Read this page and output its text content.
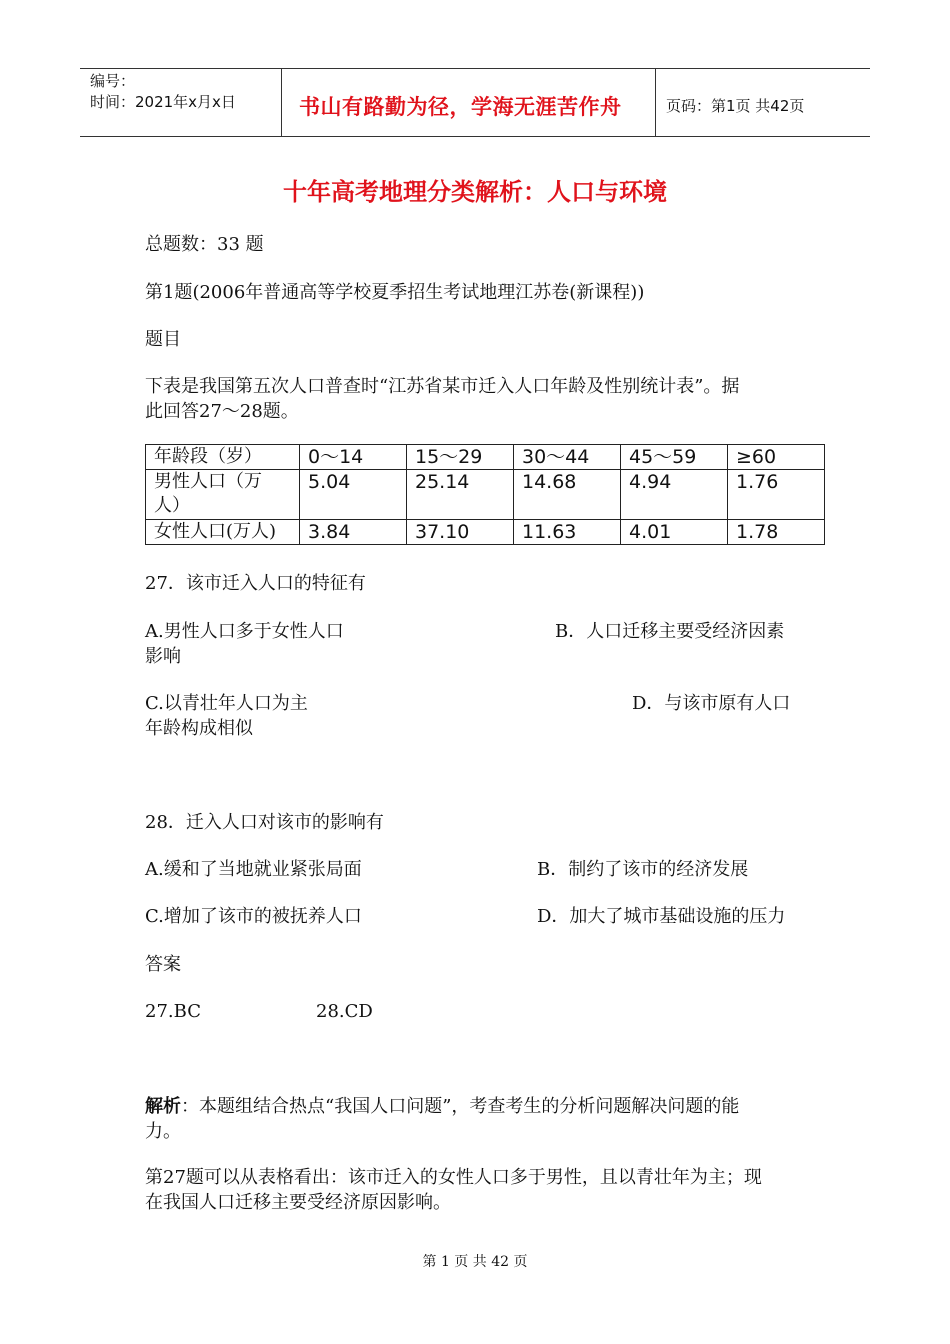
编号：
时间：2021年x月x日	书山有路勤为径，学海无涯苦作舟	页码：第1页 共42页
十年高考地理分类解析：人口与环境
总题数：33 题
第1题(2006年普通高等学校夏季招生考试地理江苏卷(新课程))
题目
下表是我国第五次人口普查时“江苏省某市迁入人口年龄及性别统计表”。据
此回答27～28题。
年龄段（岁）	0～14	15～29	30～44	45～59	≥60
男性人口（万
人）	5.04	25.14	14.68	4.94	1.76
女性人口(万人)	3.84	37.10	11.63	4.01	1.78
27．该市迁入人口的特征有
A.男性人口多于女性人口	B．人口迁移主要受经济因素
影响
C.以青壮年人口为主	D．与该市原有人口
年龄构成相似
28．迁入人口对该市的影响有
A.缓和了当地就业紧张局面	B．制约了该市的经济发展
C.增加了该市的被抚养人口	D．加大了城市基础设施的压力
答案
27.BC	28.CD
解析：本题组结合热点“我国人口问题”，考查考生的分析问题解决问题的能
力。
第27题可以从表格看出：该市迁入的女性人口多于男性，且以青壮年为主；现
在我国人口迁移主要受经济原因影响。
第 1 页 共 42 页
